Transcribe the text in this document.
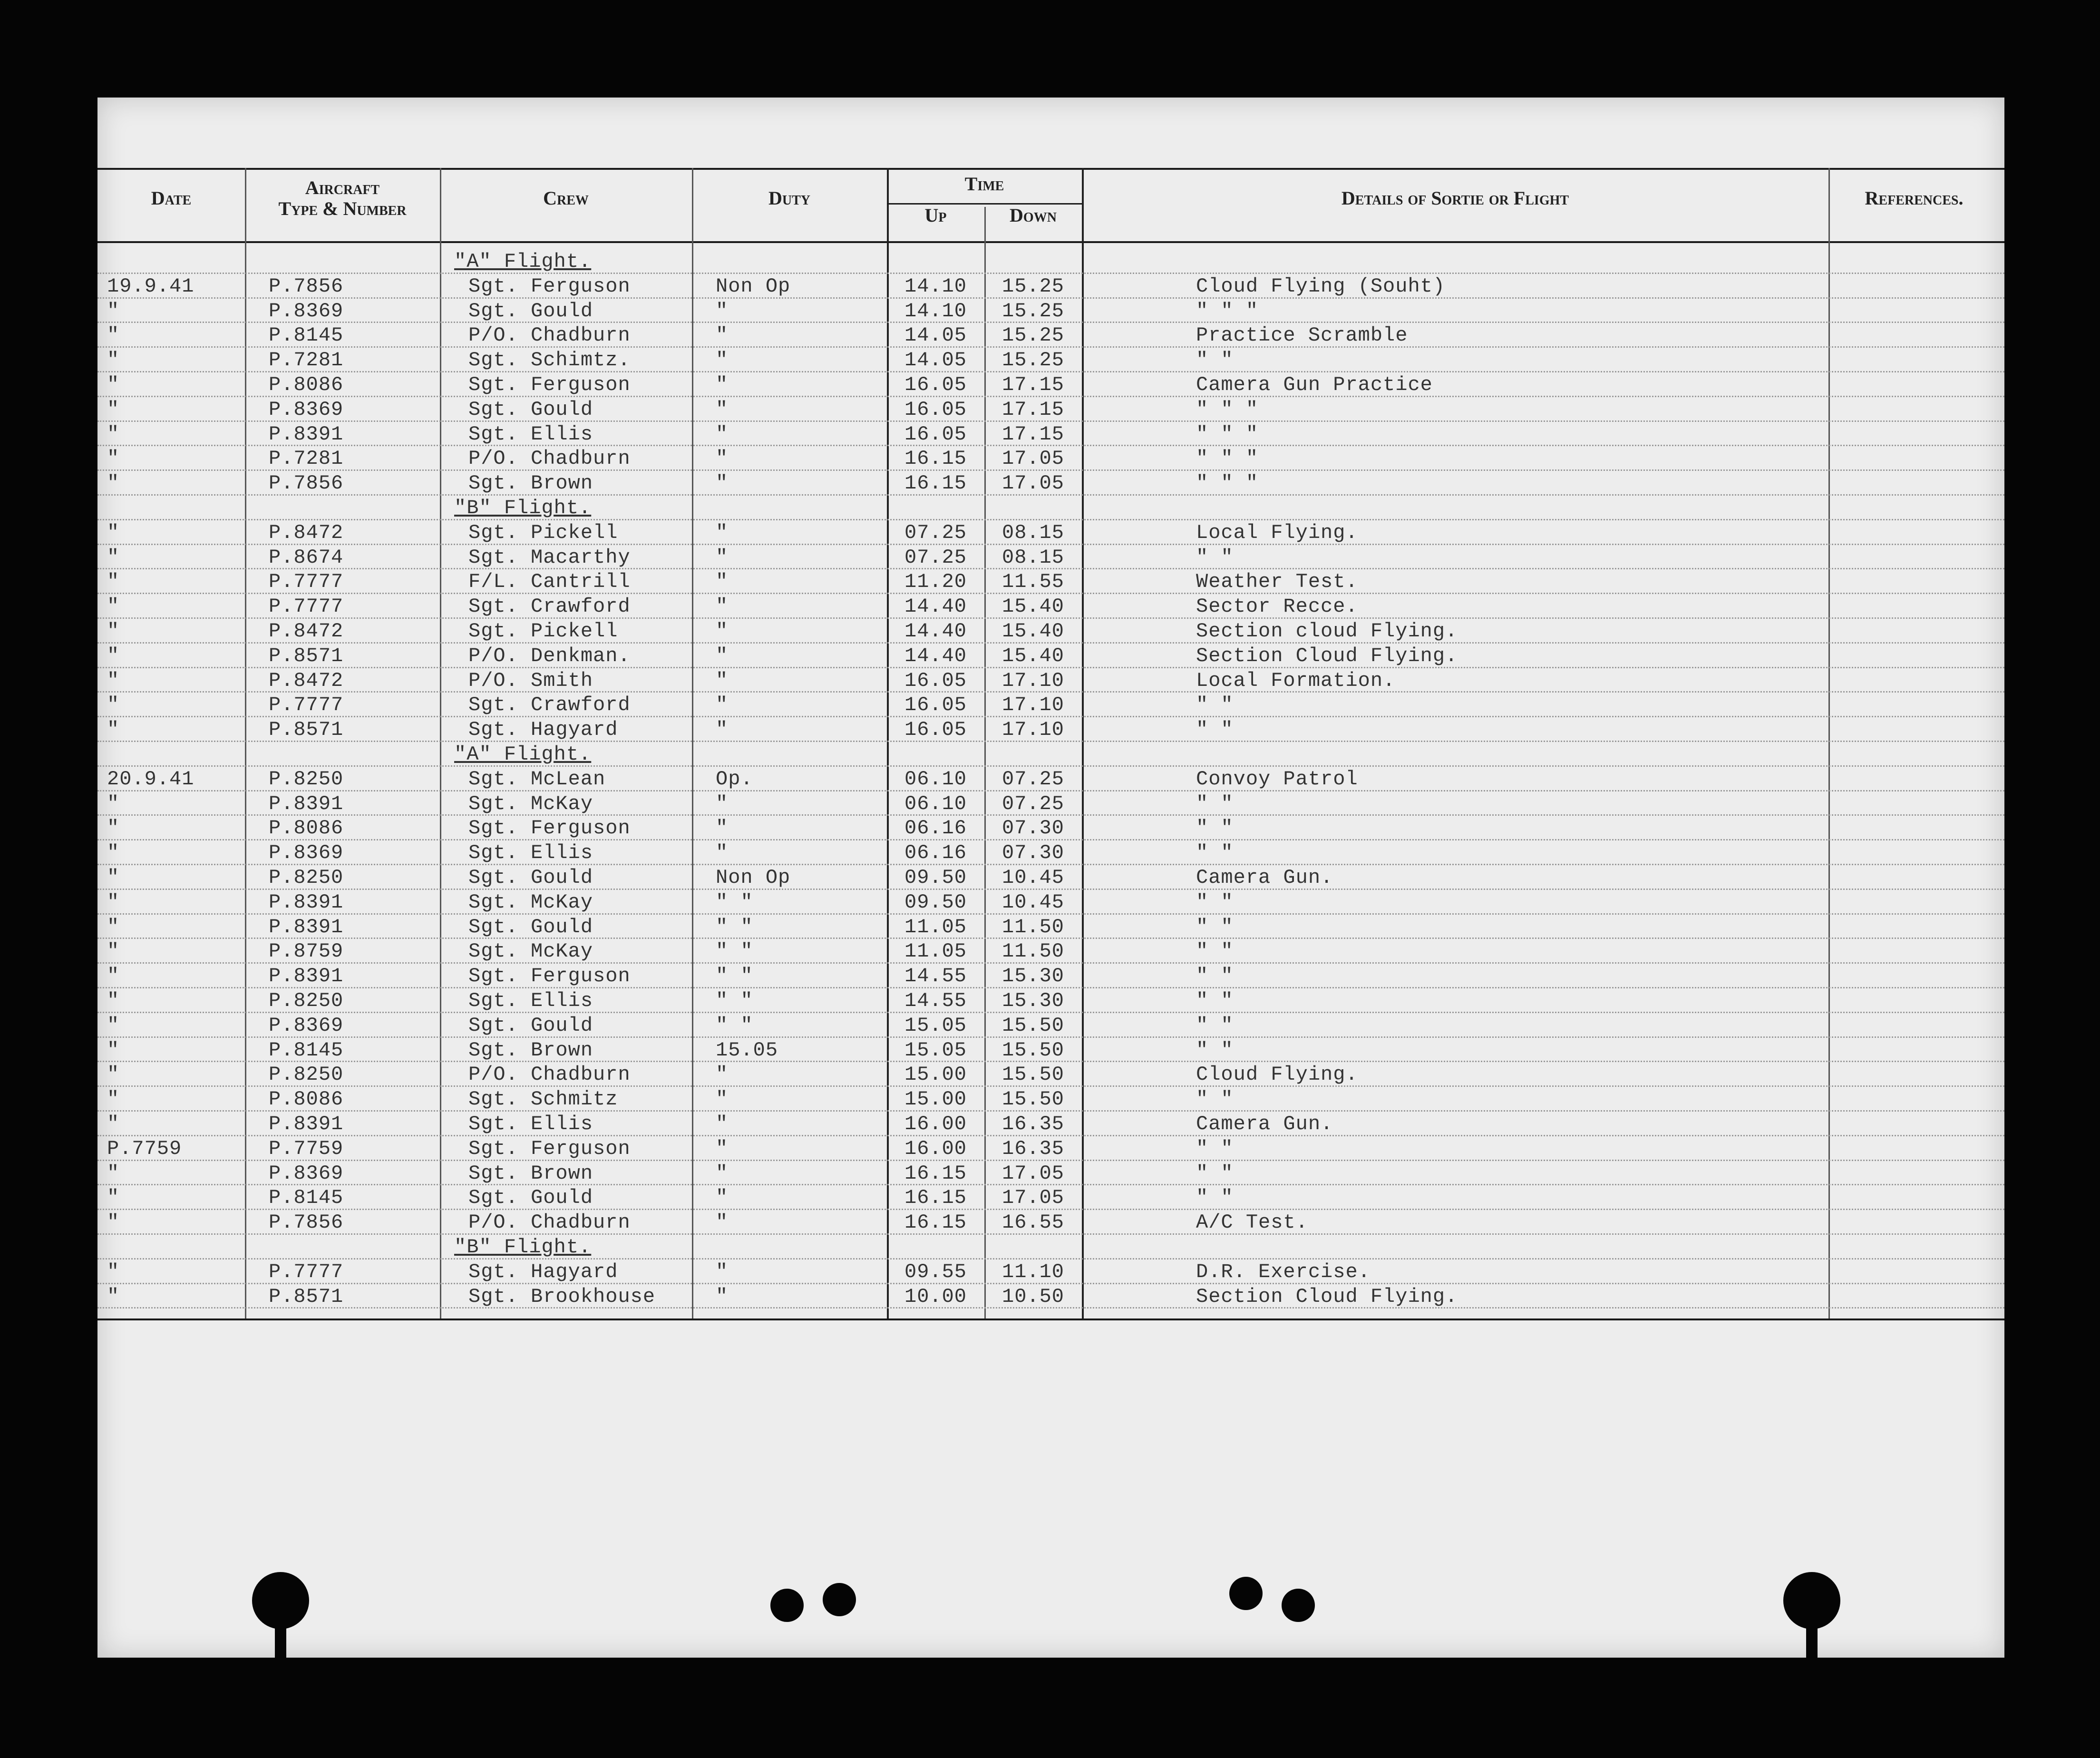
Date	Aircraft
Type & Number	Crew	Duty
Time
Up	Down
Details of Sortie or Flight	References.
"A" Flight.
19.9.41	P.7856	Sgt. Ferguson	Non Op	14.10	15.25	Cloud Flying (Souht)
"	P.8369	Sgt. Gould	"	14.10	15.25	" " "
"	P.8145	P/O. Chadburn	"	14.05	15.25	Practice Scramble
"	P.7281	Sgt. Schimtz.	"	14.05	15.25	" "
"	P.8086	Sgt. Ferguson	"	16.05	17.15	Camera Gun Practice
"	P.8369	Sgt. Gould	"	16.05	17.15	" " "
"	P.8391	Sgt. Ellis	"	16.05	17.15	" " "
"	P.7281	P/O. Chadburn	"	16.15	17.05	" " "
"	P.7856	Sgt. Brown	"	16.15	17.05	" " "
"B" Flight.
"	P.8472	Sgt. Pickell	"	07.25	08.15	Local Flying.
"	P.8674	Sgt. Macarthy	"	07.25	08.15	" "
"	P.7777	F/L. Cantrill	"	11.20	11.55	Weather Test.
"	P.7777	Sgt. Crawford	"	14.40	15.40	Sector Recce.
"	P.8472	Sgt. Pickell	"	14.40	15.40	Section cloud Flying.
"	P.8571	P/O. Denkman.	"	14.40	15.40	Section Cloud Flying.
"	P.8472	P/O. Smith	"	16.05	17.10	Local Formation.
"	P.7777	Sgt. Crawford	"	16.05	17.10	" "
"	P.8571	Sgt. Hagyard	"	16.05	17.10	" "
"A" Flight.
20.9.41	P.8250	Sgt. McLean	Op.	06.10	07.25	Convoy Patrol
"	P.8391	Sgt. McKay	"	06.10	07.25	" "
"	P.8086	Sgt. Ferguson	"	06.16	07.30	" "
"	P.8369	Sgt. Ellis	"	06.16	07.30	" "
"	P.8250	Sgt. Gould	Non Op	09.50	10.45	Camera Gun.
"	P.8391	Sgt. McKay	" "	09.50	10.45	" "
"	P.8391	Sgt. Gould	" "	11.05	11.50	" "
"	P.8759	Sgt. McKay	" "	11.05	11.50	" "
"	P.8391	Sgt. Ferguson	" "	14.55	15.30	" "
"	P.8250	Sgt. Ellis	" "	14.55	15.30	" "
"	P.8369	Sgt. Gould	" "	15.05	15.50	" "
"	P.8145	Sgt. Brown	15.05	15.05	15.50	" "
"	P.8250	P/O. Chadburn	"	15.00	15.50	Cloud Flying.
"	P.8086	Sgt. Schmitz	"	15.00	15.50	" "
"	P.8391	Sgt. Ellis	"	16.00	16.35	Camera Gun.
P.7759	P.7759	Sgt. Ferguson	"	16.00	16.35	" "
"	P.8369	Sgt. Brown	"	16.15	17.05	" "
"	P.8145	Sgt. Gould	"	16.15	17.05	" "
"	P.7856	P/O. Chadburn	"	16.15	16.55	A/C Test.
"B" Flight.
"	P.7777	Sgt. Hagyard	"	09.55	11.10	D.R. Exercise.
"	P.8571	Sgt. Brookhouse	"	10.00	10.50	Section Cloud Flying.
